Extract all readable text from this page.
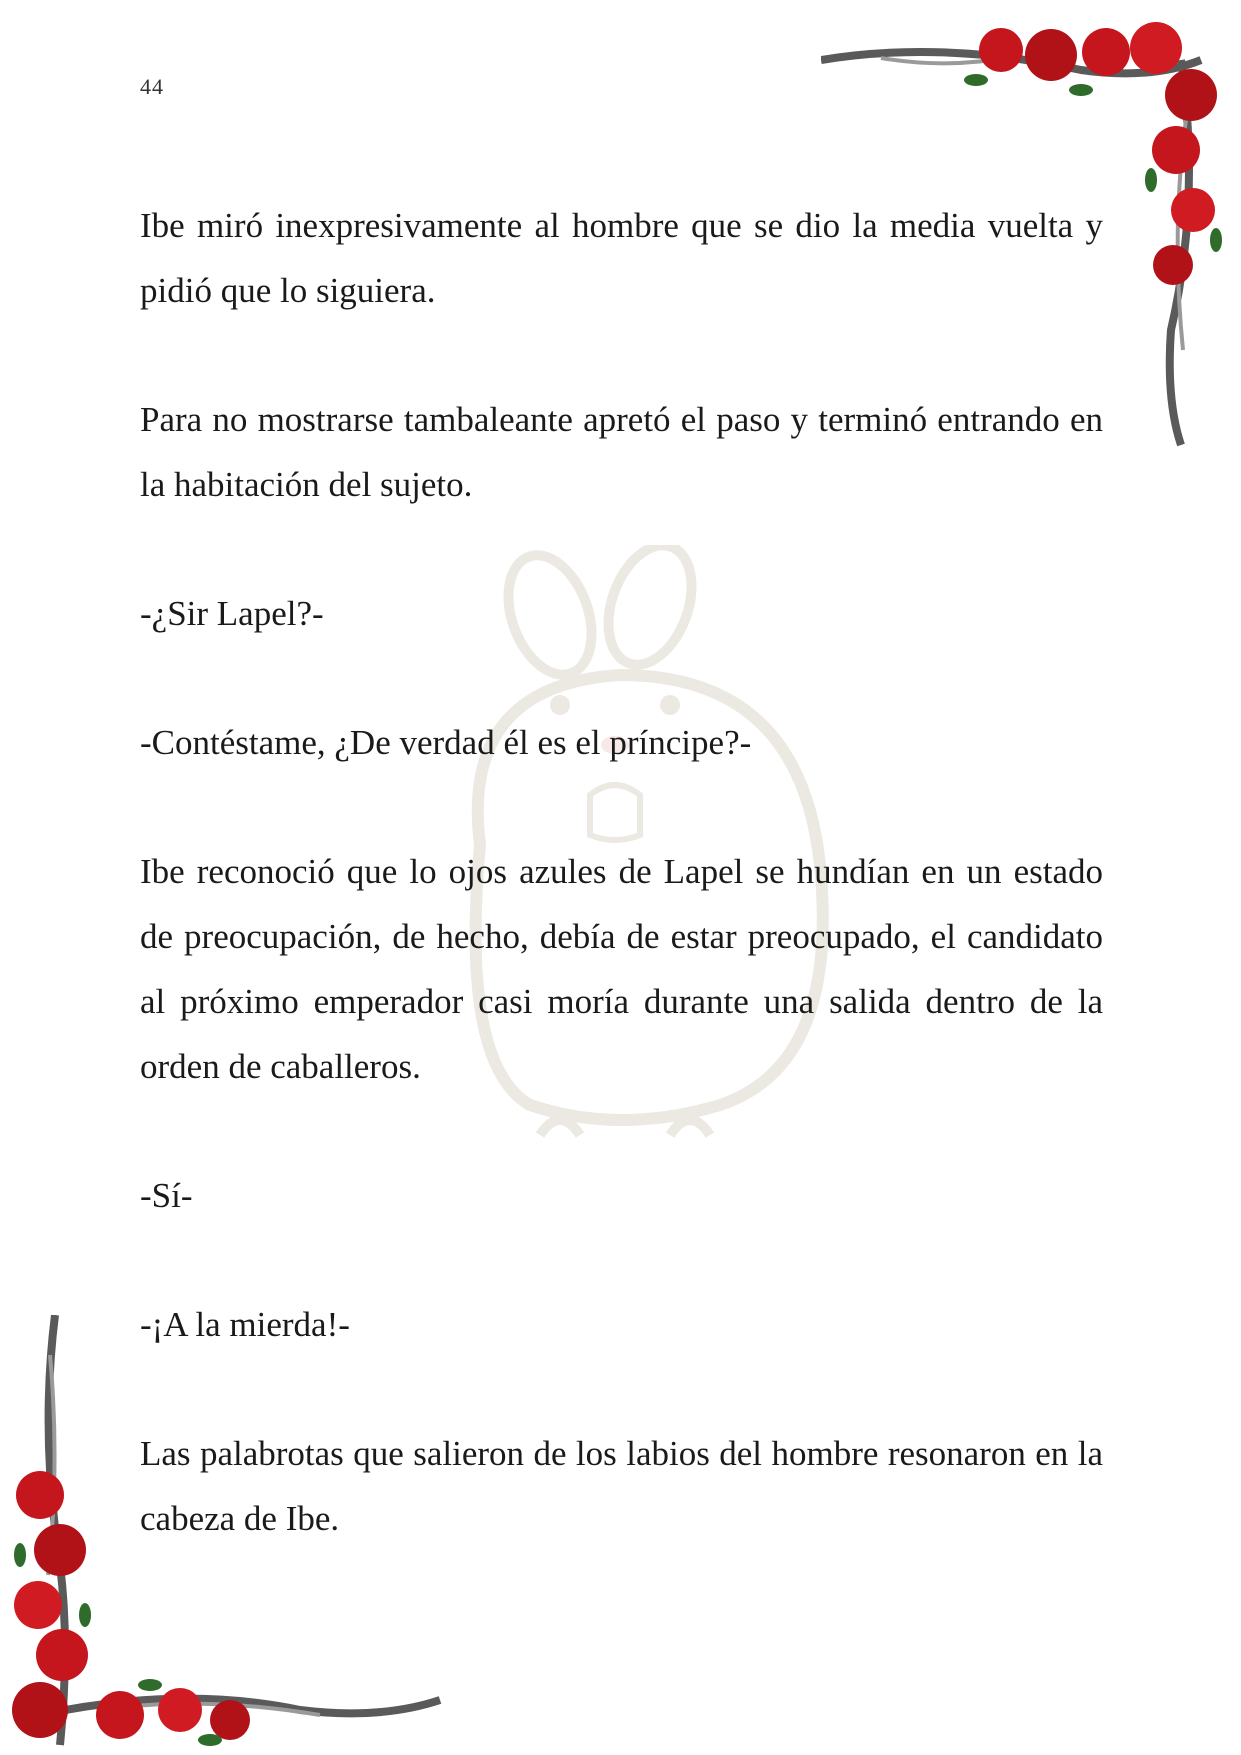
44

Ibe miró inexpresivamente al hombre que se dio la media vuelta y pidió que lo siguiera.

Para no mostrarse tambaleante apretó el paso y terminó entrando en la habitación del sujeto.

-¿Sir Lapel?-

-Contéstame, ¿De verdad él es el príncipe?-

Ibe reconoció que lo ojos azules de Lapel se hundían en un estado de preocupación, de hecho, debía de estar preocupado, el candidato al próximo emperador casi moría durante una salida dentro de la orden de caballeros.

-Sí-

-¡A la mierda!-

Las palabrotas que salieron de los labios del hombre resonaron en la cabeza de Ibe.
